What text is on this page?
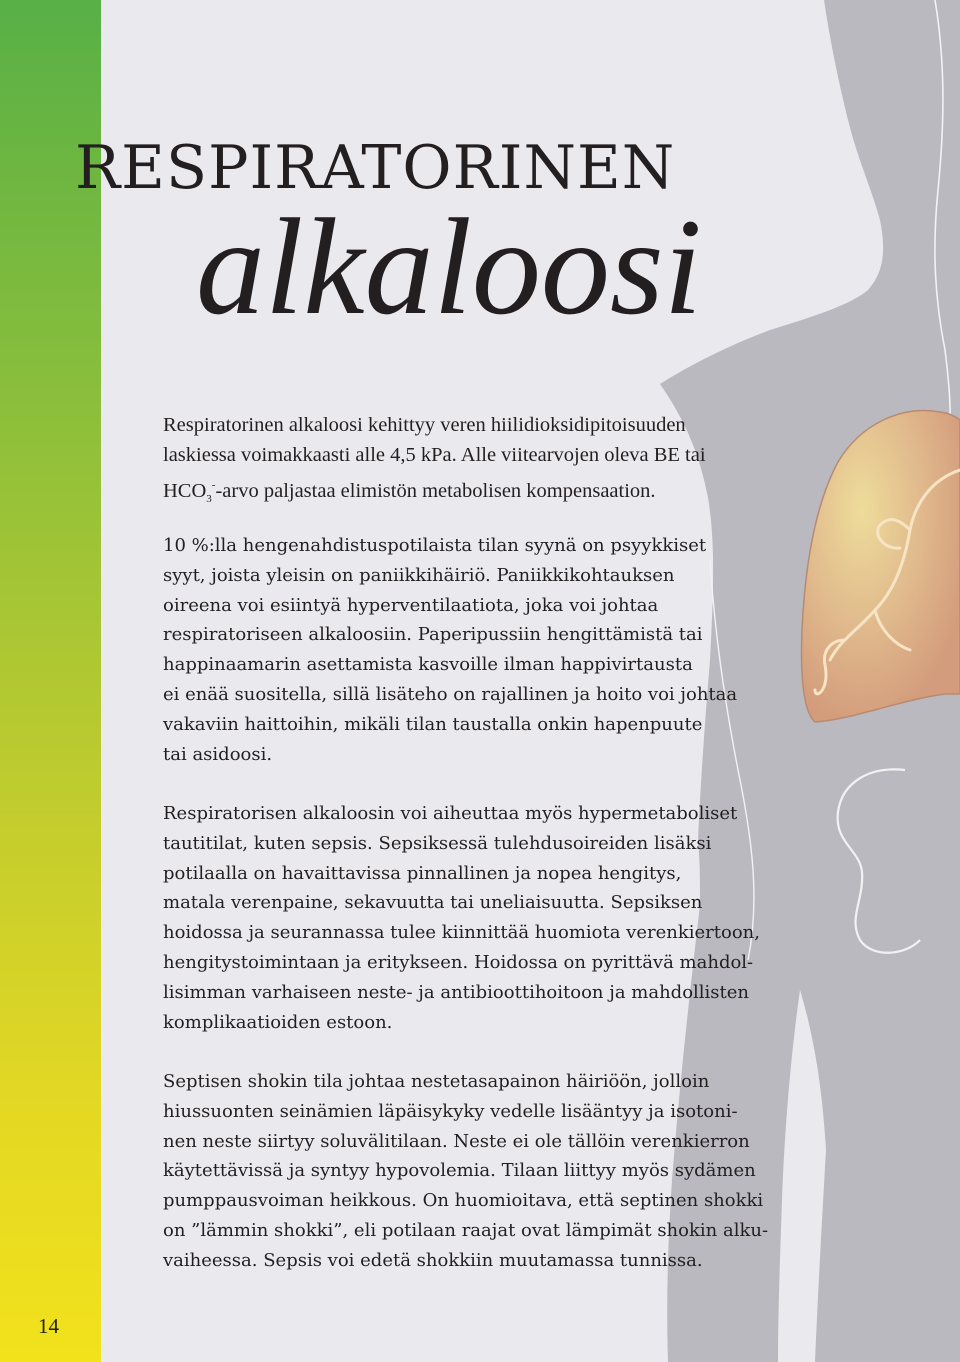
RESPIRATORINEN
alkaloosi

Respiratorinen alkaloosi kehittyy veren hiilidioksidipitoisuuden
laskiessa voimakkaasti alle 4,5 kPa. Alle viitearvojen oleva BE tai
$HCO_3^-$-arvo paljastaa elimistön metabolisen kompensaation.

10 %:lla hengenahdistuspotilaista tilan syynä on psyykkiset
syyt, joista yleisin on paniikkihäiriö. Paniikkikohtauksen
oireena voi esiintyä hyperventilaatiota, joka voi johtaa
respiratoriseen alkaloosiin. Paperipussiin hengittämistä tai
happinaamarin asettamista kasvoille ilman happivirtausta
ei enää suositella, sillä lisäteho on rajallinen ja hoito voi johtaa
vakaviin haittoihin, mikäli tilan taustalla onkin hapenpuute
tai asidoosi.

Respiratorisen alkaloosin voi aiheuttaa myös hypermetaboliset
tautitilat, kuten sepsis. Sepsiksessä tulehdusoireiden lisäksi
potilaalla on havaittavissa pinnallinen ja nopea hengitys,
matala verenpaine, sekavuutta tai uneliaisuutta. Sepsiksen
hoidossa ja seurannassa tulee kiinnittää huomiota verenkiertoon,
hengitystoimintaan ja eritykseen. Hoidossa on pyrittävä mahdol-
lisimman varhaiseen neste- ja antibioottihoitoon ja mahdollisten
komplikaatioiden estoon.

Septisen shokin tila johtaa nestetasapainon häiriöön, jolloin
hiussuonten seinämien läpäisykyky vedelle lisääntyy ja isotoni-
nen neste siirtyy soluvälitilaan. Neste ei ole tällöin verenkierron
käytettävissä ja syntyy hypovolemia. Tilaan liittyy myös sydämen
pumppausvoiman heikkous. On huomioitava, että septinen shokki
on ”lämmin shokki”, eli potilaan raajat ovat lämpimät shokin alku-
vaiheessa. Sepsis voi edetä shokkiin muutamassa tunnissa.

14
